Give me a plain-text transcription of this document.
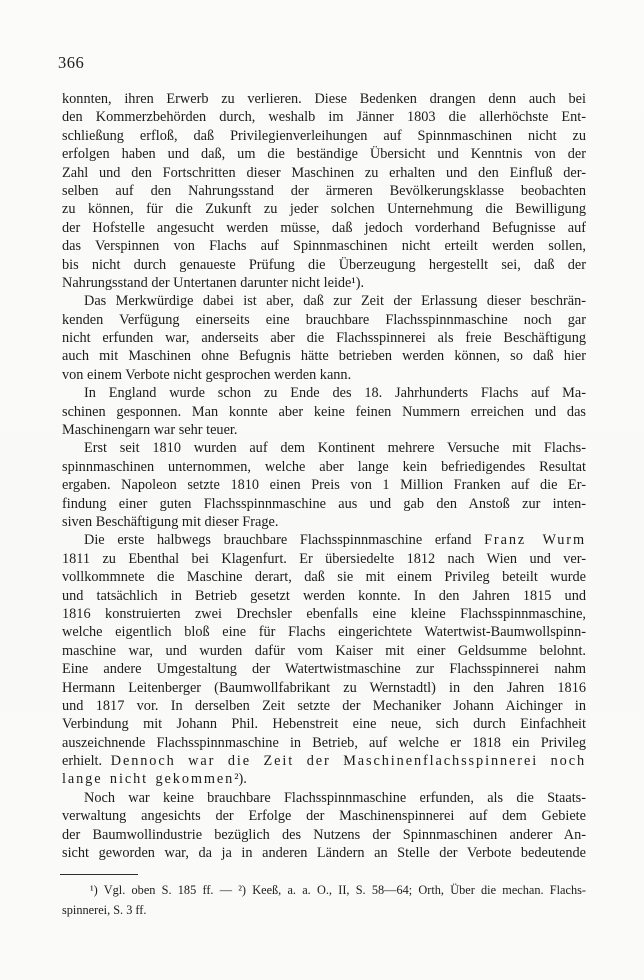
366
konnten, ihren Erwerb zu verlieren. Diese Bedenken drangen denn auch bei
den Kommerzbehörden durch, weshalb im Jänner 1803 die allerhöchste Ent-
schließung erfloß, daß Privilegienverleihungen auf Spinnmaschinen nicht zu
erfolgen haben und daß, um die beständige Übersicht und Kenntnis von der
Zahl und den Fortschritten dieser Maschinen zu erhalten und den Einfluß der-
selben auf den Nahrungsstand der ärmeren Bevölkerungsklasse beobachten
zu können, für die Zukunft zu jeder solchen Unternehmung die Bewilligung
der Hofstelle angesucht werden müsse, daß jedoch vorderhand Befugnisse auf
das Verspinnen von Flachs auf Spinnmaschinen nicht erteilt werden sollen,
bis nicht durch genaueste Prüfung die Überzeugung hergestellt sei, daß der
Nahrungsstand der Untertanen darunter nicht leide¹).
Das Merkwürdige dabei ist aber, daß zur Zeit der Erlassung dieser beschrän-
kenden Verfügung einerseits eine brauchbare Flachsspinnmaschine noch gar
nicht erfunden war, anderseits aber die Flachsspinnerei als freie Beschäftigung
auch mit Maschinen ohne Befugnis hätte betrieben werden können, so daß hier
von einem Verbote nicht gesprochen werden kann.
In England wurde schon zu Ende des 18. Jahrhunderts Flachs auf Ma-
schinen gesponnen. Man konnte aber keine feinen Nummern erreichen und das
Maschinengarn war sehr teuer.
Erst seit 1810 wurden auf dem Kontinent mehrere Versuche mit Flachs-
spinnmaschinen unternommen, welche aber lange kein befriedigendes Resultat
ergaben. Napoleon setzte 1810 einen Preis von 1 Million Franken auf die Er-
findung einer guten Flachsspinnmaschine aus und gab den Anstoß zur inten-
siven Beschäftigung mit dieser Frage.
Die erste halbwegs brauchbare Flachsspinnmaschine erfand Franz Wurm
1811 zu Ebenthal bei Klagenfurt. Er übersiedelte 1812 nach Wien und ver-
vollkommnete die Maschine derart, daß sie mit einem Privileg beteilt wurde
und tatsächlich in Betrieb gesetzt werden konnte. In den Jahren 1815 und
1816 konstruierten zwei Drechsler ebenfalls eine kleine Flachsspinnmaschine,
welche eigentlich bloß eine für Flachs eingerichtete Watertwist-Baumwollspinn-
maschine war, und wurden dafür vom Kaiser mit einer Geldsumme belohnt.
Eine andere Umgestaltung der Watertwistmaschine zur Flachsspinnerei nahm
Hermann Leitenberger (Baumwollfabrikant zu Wernstadtl) in den Jahren 1816
und 1817 vor. In derselben Zeit setzte der Mechaniker Johann Aichinger in
Verbindung mit Johann Phil. Hebenstreit eine neue, sich durch Einfachheit
auszeichnende Flachsspinnmaschine in Betrieb, auf welche er 1818 ein Privileg
erhielt. Dennoch war die Zeit der Maschinenflachsspinnerei noch
lange nicht gekommen²).
Noch war keine brauchbare Flachsspinnmaschine erfunden, als die Staats-
verwaltung angesichts der Erfolge der Maschinenspinnerei auf dem Gebiete
der Baumwollindustrie bezüglich des Nutzens der Spinnmaschinen anderer An-
sicht geworden war, da ja in anderen Ländern an Stelle der Verbote bedeutende
¹) Vgl. oben S. 185 ff. — ²) Keeß, a. a. O., II, S. 58—64; Orth, Über die mechan. Flachs-
spinnerei, S. 3 ff.
